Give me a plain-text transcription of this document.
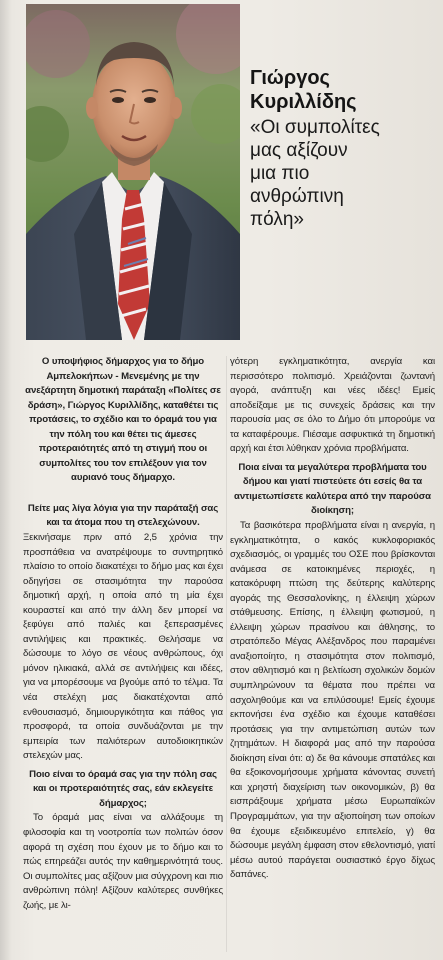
Γιώργος
Κυριλλίδης
«Οι συμπολίτες
μας αξίζουν
μια πιο
ανθρώπινη
πόλη»

Ο υποψήφιος δήμαρχος για το δήμο Αμπελοκήπων - Μενεμένης με την ανεξάρτητη δημοτική παράταξη «Πολίτες σε δράση», Γιώργος Κυριλλίδης, καταθέτει τις προτάσεις, το σχέδιο και το όραμά του για την πόλη του και θέτει τις άμεσες προτεραιότητές από τη στιγμή που οι συμπολίτες του τον επιλέξουν για τον αυριανό τους δήμαρχο.

Πείτε μας λίγα λόγια για την παράταξή σας και τα άτομα που τη στελεχώνουν.

Ξεκινήσαμε πριν από 2,5 χρόνια την προσπάθεια να ανατρέψουμε το συντηρητικό πλαίσιο το οποίο διακατέχει το δήμο μας και έχει οδηγήσει σε στασιμότητα την παρούσα δημοτική αρχή, η οποία από τη μία έχει κουραστεί και από την άλλη δεν μπορεί να ξεφύγει από παλιές και ξεπερασμένες αντιλήψεις και πρακτικές. Θελήσαμε να δώσουμε το λόγο σε νέους ανθρώπους, όχι μόνον ηλικιακά, αλλά σε αντιλήψεις και ιδέες, για να μπορέσουμε να βγούμε από το τέλμα. Τα νέα στελέχη μας διακατέχονται από ενθουσιασμό, δημιουργικότητα και πάθος για προσφορά, τα οποία συνδυάζονται με την εμπειρία των παλιότερων αυτοδιοικητικών στελεχών μας.

Ποιο είναι το όραμά σας για την πόλη σας και οι προτεραιότητές σας, εάν εκλεγείτε δήμαρχος;

Το όραμά μας είναι να αλλάξουμε τη φιλοσοφία και τη νοοτροπία των πολιτών όσον αφορά τη σχέση που έχουν με το δήμο και το πώς επηρεάζει αυτός την καθημερινότητά τους. Οι συμπολίτες μας αξίζουν μια σύγχρονη και πιο ανθρώπινη πόλη! Αξίζουν καλύτερες συνθήκες ζωής, με λι-

γότερη εγκληματικότητα, ανεργία και περισσότερο πολιτισμό. Χρειάζονται ζωντανή αγορά, ανάπτυξη και νέες ιδέες! Εμείς αποδείξαμε με τις συνεχείς δράσεις και την παρουσία μας σε όλο το Δήμο ότι μπορούμε να τα καταφέρουμε. Πιέσαμε ασφυκτικά τη δημοτική αρχή και έτσι λύθηκαν χρόνια προβλήματα.

Ποια είναι τα μεγαλύτερα προβλήματα του δήμου και γιατί πιστεύετε ότι εσείς θα τα αντιμετωπίσετε καλύτερα από την παρούσα διοίκηση;

Τα βασικότερα προβλήματα είναι η ανεργία, η εγκληματικότητα, ο κακός κυκλοφοριακός σχεδιασμός, οι γραμμές του ΟΣΕ που βρίσκονται ανάμεσα σε κατοικημένες περιοχές, η κατακόρυφη πτώση της δεύτερης καλύτερης αγοράς της Θεσσαλονίκης, η έλλειψη χώρων στάθμευσης. Επίσης, η έλλειψη φωτισμού, η έλλειψη χώρων πρασίνου και άθλησης, το στρατόπεδο Μέγας Αλέξανδρος που παραμένει αναξιοποίητο, η στασιμότητα στον πολιτισμό, στον αθλητισμό και η βελτίωση σχολικών δομών συμπληρώνουν τα θέματα που πρέπει να ασχοληθούμε και να επιλύσουμε! Εμείς έχουμε εκπονήσει ένα σχέδιο και έχουμε καταθέσει προτάσεις για την αντιμετώπιση αυτών των ζητημάτων. Η διαφορά μας από την παρούσα διοίκηση είναι ότι: α) δε θα κάνουμε σπατάλες και θα εξοικονομήσουμε χρήματα κάνοντας συνετή και χρηστή διαχείριση των οικονομικών, β) θα εισπράξουμε χρήματα μέσω Ευρωπαϊκών Προγραμμάτων, για την αξιοποίηση των οποίων θα έχουμε εξειδικευμένο επιτελείο, γ) θα δώσουμε μεγάλη έμφαση στον εθελοντισμό, γιατί μέσω αυτού παράγεται ουσιαστικό έργο δίχως δαπάνες.
